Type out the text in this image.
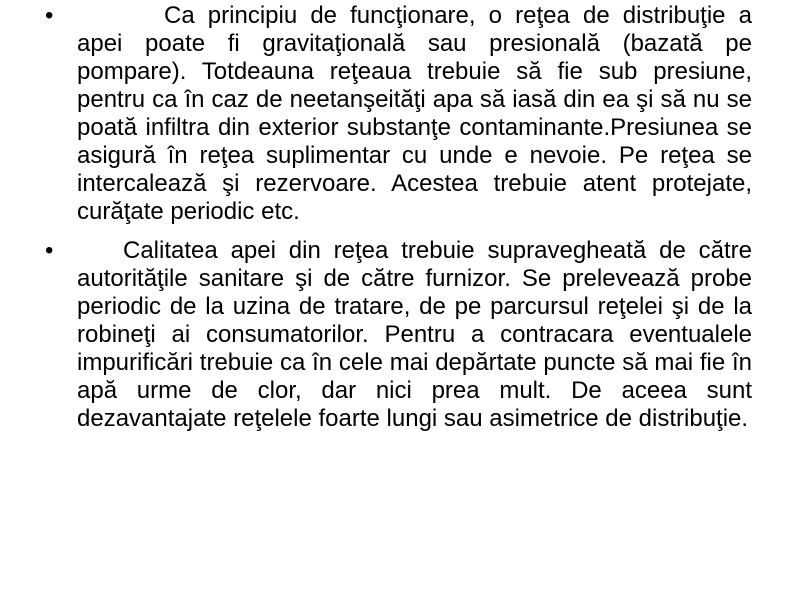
•	Ca principiu de funcţionare, o reţea de distribuţie a apei poate fi gravitaţională sau presională (bazată pe pompare). Totdeauna reţeaua trebuie să fie sub presiune, pentru ca în caz de neetanşeităţi apa să iasă din ea şi să nu se poată infiltra din exterior substanţe contaminante.Presiunea se asigură în reţea suplimentar cu unde e nevoie. Pe reţea se intercalează şi rezervoare. Acestea trebuie atent protejate, curăţate periodic etc.

•	Calitatea apei din reţea trebuie supravegheată de către autorităţile sanitare şi de către furnizor. Se prelevează probe periodic de la uzina de tratare, de pe parcursul reţelei şi de la robineţi ai consumatorilor. Pentru a contracara eventualele impurificări trebuie ca în cele mai depărtate puncte să mai fie în apă urme de clor, dar nici prea mult. De aceea sunt dezavantajate reţelele foarte lungi sau asimetrice de distribuţie.
